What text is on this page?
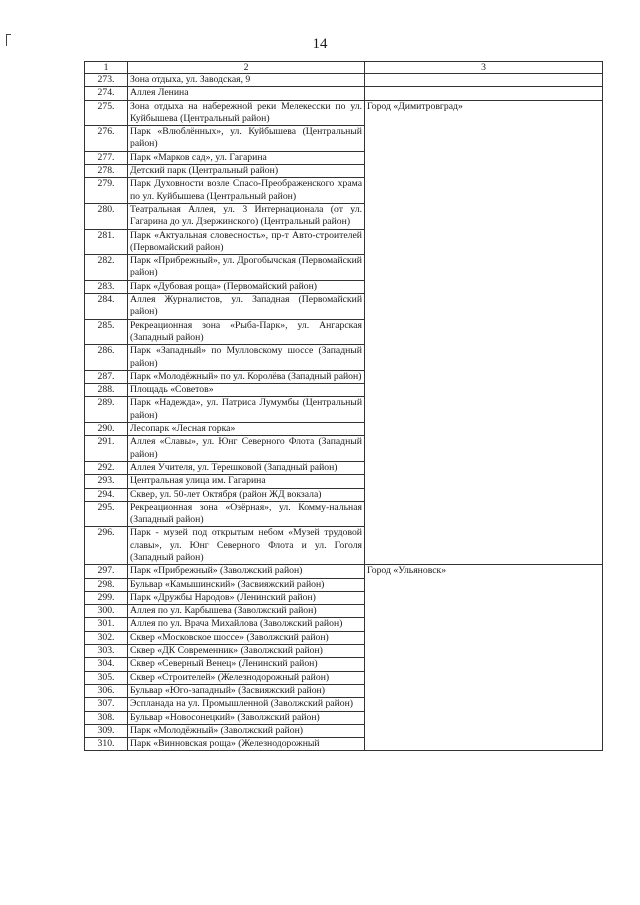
14
1	2	3
273.	Зона отдыха, ул. Заводская, 9	
274.	Аллея Ленина	
275.	Зона отдыха на набережной реки Мелекесски по ул. Куйбышева (Центральный район)	Город «Димитровград»
276.	Парк «Влюблённых», ул. Куйбышева (Центральный район)	
277.	Парк «Марков сад», ул. Гагарина	
278.	Детский парк (Центральный район)	
279.	Парк Духовности возле Спасо-Преображенского храма по ул. Куйбышева (Центральный район)	
280.	Театральная Аллея, ул. 3 Интернационала (от ул. Гагарина до ул. Дзержинского) (Центральный район)	
281.	Парк «Актуальная словесность», пр-т Авто-строителей (Первомайский район)	
282.	Парк «Прибрежный», ул. Дрогобычская (Первомайский район)	
283.	Парк «Дубовая роща» (Первомайский район)	
284.	Аллея Журналистов, ул. Западная (Первомайский район)	
285.	Рекреационная зона «Рыба-Парк», ул. Ангарская (Западный район)	
286.	Парк «Западный» по Мулловскому шоссе (Западный район)	
287.	Парк «Молодёжный» по ул. Королёва (Западный район)	
288.	Площадь «Советов»	
289.	Парк «Надежда», ул. Патриса Лумумбы (Центральный район)	
290.	Лесопарк «Лесная горка»	
291.	Аллея «Славы», ул. Юнг Северного Флота (Западный район)	
292.	Аллея Учителя, ул. Терешковой (Западный район)	
293.	Центральная улица им. Гагарина	
294.	Сквер, ул. 50-лет Октября (район ЖД вокзала)	
295.	Рекреационная зона «Озёрная», ул. Комму-нальная (Западный район)	
296.	Парк - музей под открытым небом «Музей трудовой славы», ул. Юнг Северного Флота и ул. Гоголя (Западный район)	
297.	Парк «Прибрежный» (Заволжский район)	Город «Ульяновск»
298.	Бульвар «Камышинский» (Засвияжский район)	
299.	Парк «Дружбы Народов» (Ленинский район)	
300.	Аллея по ул. Карбышева (Заволжский район)	
301.	Аллея по ул. Врача Михайлова (Заволжский район)	
302.	Сквер «Московское шоссе» (Заволжский район)	
303.	Сквер «ДК Современник» (Заволжский район)	
304.	Сквер «Северный Венец» (Ленинский район)	
305.	Сквер «Строителей» (Железнодорожный район)	
306.	Бульвар «Юго-западный» (Засвияжский район)	
307.	Эспланада на ул. Промышленной (Заволжский район)	
308.	Бульвар «Новосонецкий» (Заволжский район)	
309.	Парк «Молодёжный» (Заволжский район)	
310.	Парк «Винновская роща» (Железнодорожный	
